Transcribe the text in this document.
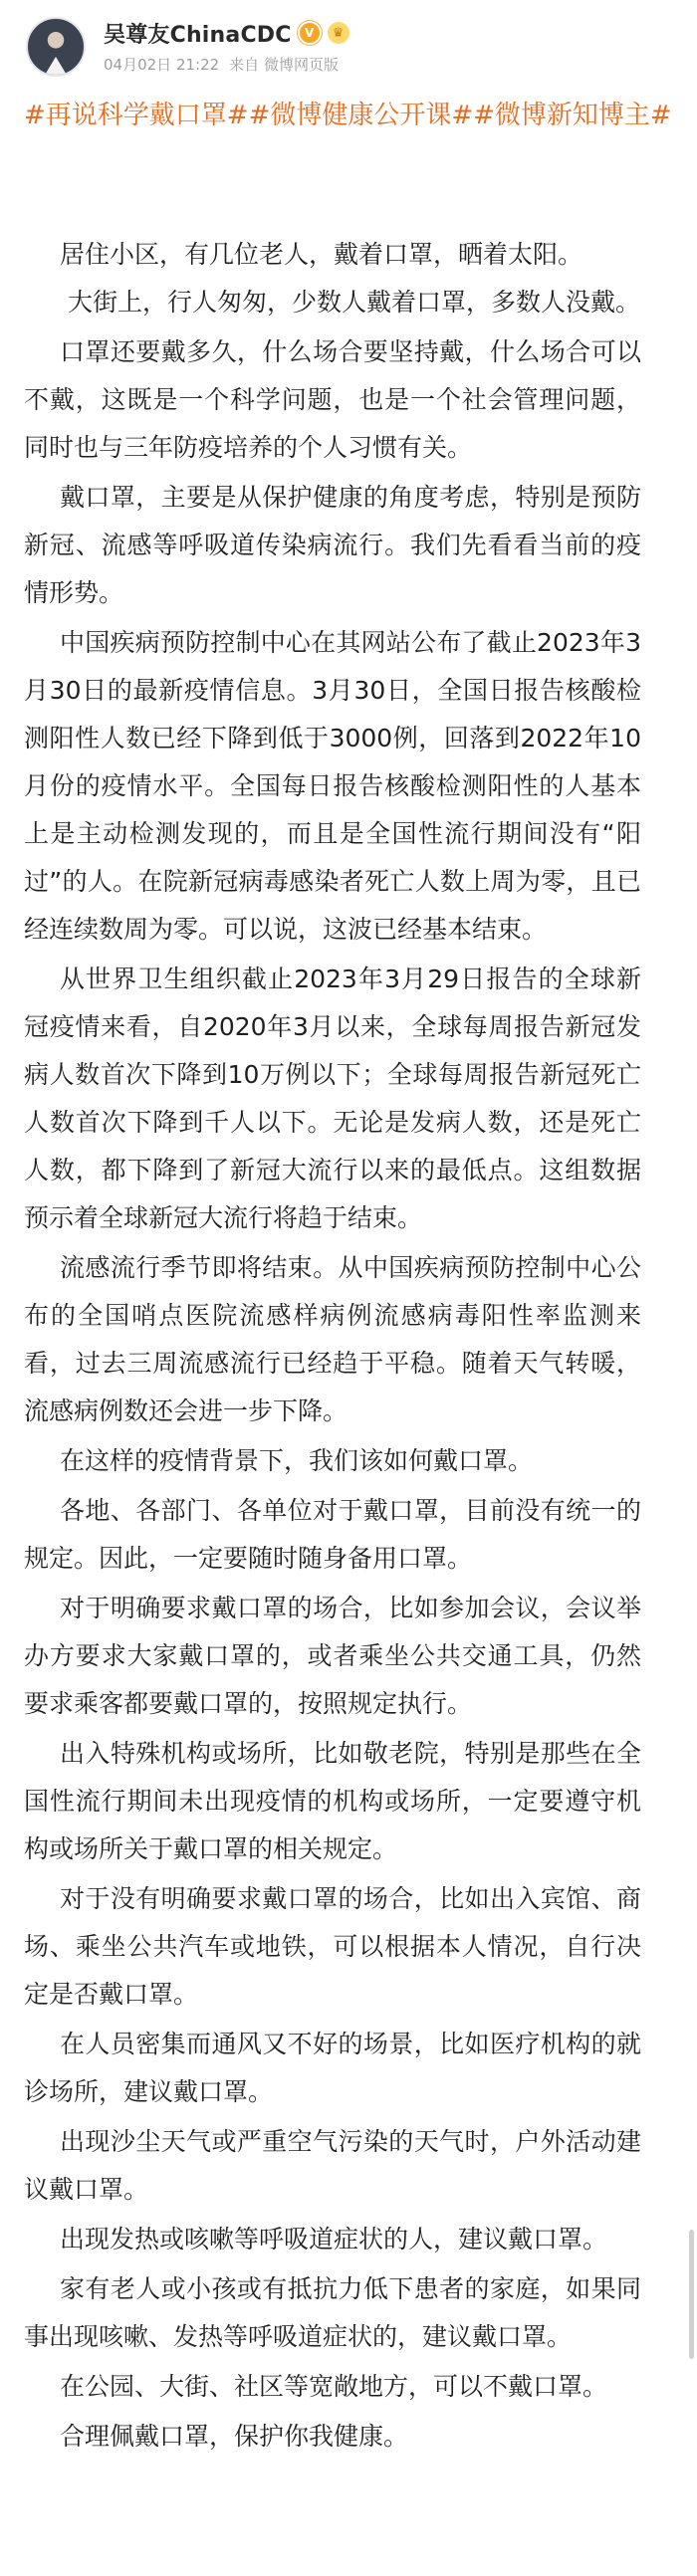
吴尊友ChinaCDC	V	♛
04月02日 21:22 来自 微博网页版
#再说科学戴口罩##微博健康公开课##微博新知博主#

居住小区，有几位老人，戴着口罩，晒着太阳。

大街上，行人匆匆，少数人戴着口罩，多数人没戴。

口罩还要戴多久，什么场合要坚持戴，什么场合可以不戴，这既是一个科学问题，也是一个社会管理问题，同时也与三年防疫培养的个人习惯有关。

戴口罩，主要是从保护健康的角度考虑，特别是预防新冠、流感等呼吸道传染病流行。我们先看看当前的疫情形势。

中国疾病预防控制中心在其网站公布了截止2023年3月30日的最新疫情信息。3月30日，全国日报告核酸检测阳性人数已经下降到低于3000例，回落到2022年10月份的疫情水平。全国每日报告核酸检测阳性的人基本上是主动检测发现的，而且是全国性流行期间没有“阳过”的人。在院新冠病毒感染者死亡人数上周为零，且已经连续数周为零。可以说，这波已经基本结束。

从世界卫生组织截止2023年3月29日报告的全球新冠疫情来看，自2020年3月以来，全球每周报告新冠发病人数首次下降到10万例以下；全球每周报告新冠死亡人数首次下降到千人以下。无论是发病人数，还是死亡人数，都下降到了新冠大流行以来的最低点。这组数据预示着全球新冠大流行将趋于结束。

流感流行季节即将结束。从中国疾病预防控制中心公布的全国哨点医院流感样病例流感病毒阳性率监测来看，过去三周流感流行已经趋于平稳。随着天气转暖，流感病例数还会进一步下降。

在这样的疫情背景下，我们该如何戴口罩。

各地、各部门、各单位对于戴口罩，目前没有统一的规定。因此，一定要随时随身备用口罩。

对于明确要求戴口罩的场合，比如参加会议，会议举办方要求大家戴口罩的，或者乘坐公共交通工具，仍然要求乘客都要戴口罩的，按照规定执行。

出入特殊机构或场所，比如敬老院，特别是那些在全国性流行期间未出现疫情的机构或场所，一定要遵守机构或场所关于戴口罩的相关规定。

对于没有明确要求戴口罩的场合，比如出入宾馆、商场、乘坐公共汽车或地铁，可以根据本人情况，自行决定是否戴口罩。

在人员密集而通风又不好的场景，比如医疗机构的就诊场所，建议戴口罩。

出现沙尘天气或严重空气污染的天气时，户外活动建议戴口罩。

出现发热或咳嗽等呼吸道症状的人，建议戴口罩。

家有老人或小孩或有抵抗力低下患者的家庭，如果同事出现咳嗽、发热等呼吸道症状的，建议戴口罩。

在公园、大街、社区等宽敞地方，可以不戴口罩。

合理佩戴口罩，保护你我健康。
